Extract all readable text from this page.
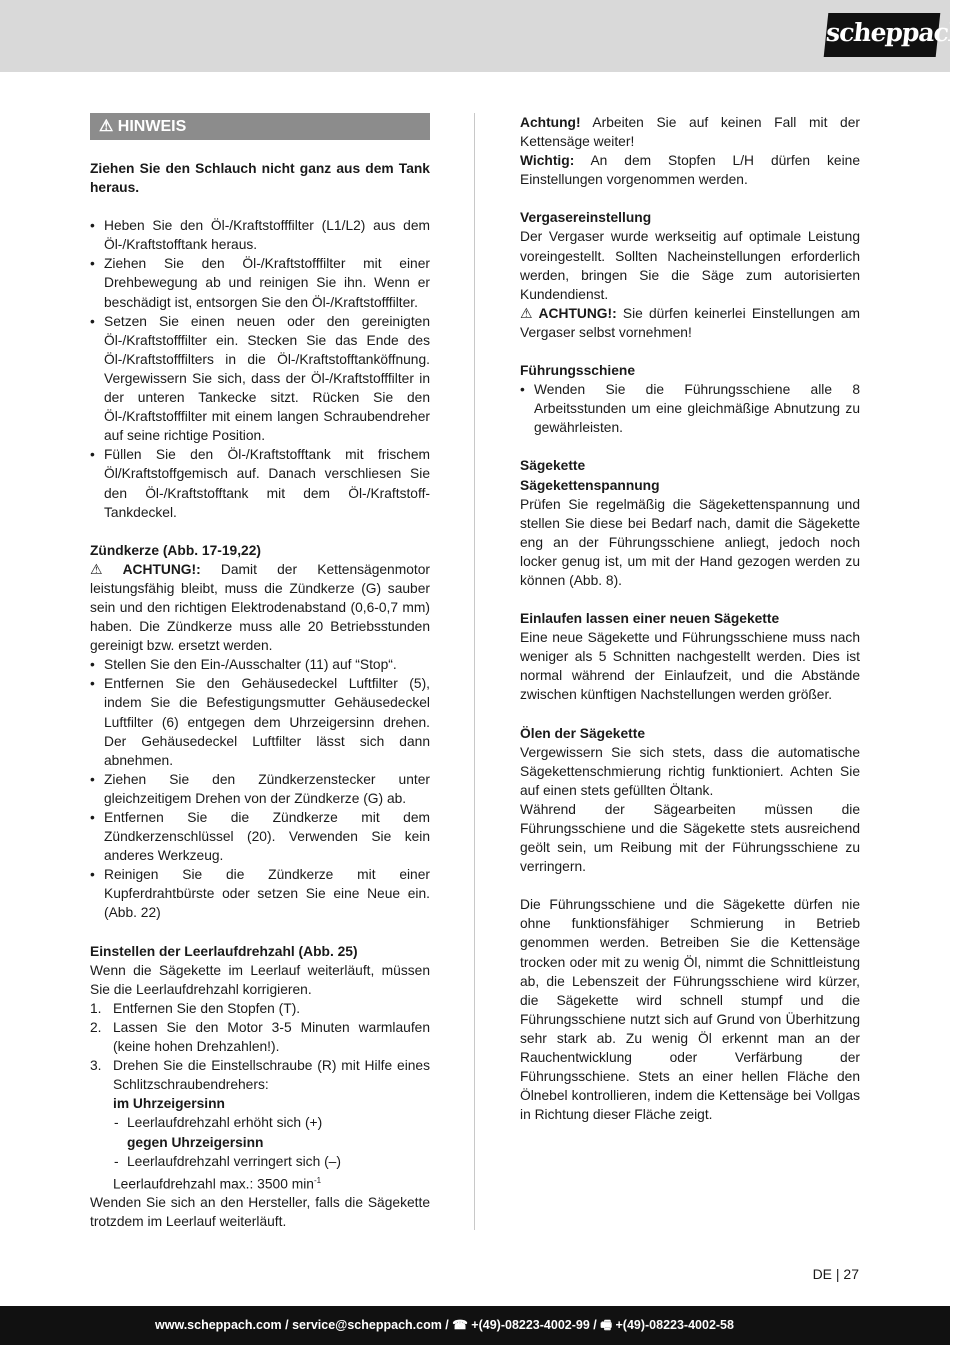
scheppach
⚠ HINWEIS

Ziehen Sie den Schlauch nicht ganz aus dem Tank heraus.

• Heben Sie den Öl-/Kraftstofffilter (L1/L2) aus dem Öl-/Kraftstofftank heraus.
• Ziehen Sie den Öl-/Kraftstofffilter mit einer Drehbewegung ab und reinigen Sie ihn. Wenn er beschädigt ist, entsorgen Sie den Öl-/Kraftstofffilter.
• Setzen Sie einen neuen oder den gereinigten Öl-/Kraftstofffilter ein. Stecken Sie das Ende des Öl-/Kraftstofffilters in die Öl-/Kraftstofftanköffnung. Vergewissern Sie sich, dass der Öl-/Kraftstofffilter in der unteren Tankecke sitzt. Rücken Sie den Öl-/Kraftstofffilter mit einem langen Schraubendreher auf seine richtige Position.
• Füllen Sie den Öl-/Kraftstofftank mit frischem Öl/Kraftstoffgemisch auf. Danach verschliesen Sie den Öl-/Kraftstofftank mit dem Öl-/Kraftstoff-Tankdeckel.

Zündkerze (Abb. 17-19,22)

⚠ ACHTUNG!: Damit der Kettensägenmotor leistungsfähig bleibt, muss die Zündkerze (G) sauber sein und den richtigen Elektrodenabstand (0,6-0,7 mm) haben. Die Zündkerze muss alle 20 Betriebsstunden gereinigt bzw. ersetzt werden.

• Stellen Sie den Ein-/Ausschalter (11) auf “Stop“.
• Entfernen Sie den Gehäusedeckel Luftfilter (5), indem Sie die Befestigungsmutter Gehäusedeckel Luftfilter (6) entgegen dem Uhrzeigersinn drehen. Der Gehäusedeckel Luftfilter lässt sich dann abnehmen.
• Ziehen Sie den Zündkerzenstecker unter gleichzeitigem Drehen von der Zündkerze (G) ab.
• Entfernen Sie die Zündkerze mit dem Zündkerzenschlüssel (20). Verwenden Sie kein anderes Werkzeug.
• Reinigen Sie die Zündkerze mit einer Kupferdrahtbürste oder setzen Sie eine Neue ein. (Abb. 22)

Einstellen der Leerlaufdrehzahl (Abb. 25)

Wenn die Sägekette im Leerlauf weiterläuft, müssen Sie die Leerlaufdrehzahl korrigieren.

1. Entfernen Sie den Stopfen (T).
2. Lassen Sie den Motor 3-5 Minuten warmlaufen (keine hohen Drehzahlen!).
3. Drehen Sie die Einstellschraube (R) mit Hilfe eines Schlitzschraubendrehers:
im Uhrzeigersinn
- Leerlaufdrehzahl erhöht sich (+)
gegen Uhrzeigersinn
- Leerlaufdrehzahl verringert sich (–)
Leerlaufdrehzahl max.: 3500 $\min^{-1}$

Wenden Sie sich an den Hersteller, falls die Sägekette trotzdem im Leerlauf weiterläuft.

Achtung! Arbeiten Sie auf keinen Fall mit der Kettensäge weiter!

Wichtig: An dem Stopfen L/H dürfen keine Einstellungen vorgenommen werden.

Vergasereinstellung

Der Vergaser wurde werkseitig auf optimale Leistung voreingestellt. Sollten Nacheinstellungen erforderlich werden, bringen Sie die Säge zum autorisierten Kundendienst.

⚠ ACHTUNG!: Sie dürfen keinerlei Einstellungen am Vergaser selbst vornehmen!

Führungsschiene

• Wenden Sie die Führungsschiene alle 8 Arbeitsstunden um eine gleichmäßige Abnutzung zu gewährleisten.

Sägekette

Sägekettenspannung

Prüfen Sie regelmäßig die Sägekettenspannung und stellen Sie diese bei Bedarf nach, damit die Sägekette eng an der Führungsschiene anliegt, jedoch noch locker genug ist, um mit der Hand gezogen werden zu können (Abb. 8).

Einlaufen lassen einer neuen Sägekette

Eine neue Sägekette und Führungsschiene muss nach weniger als 5 Schnitten nachgestellt werden. Dies ist normal während der Einlaufzeit, und die Abstände zwischen künftigen Nachstellungen werden größer.

Ölen der Sägekette

Vergewissern Sie sich stets, dass die automatische Sägekettenschmierung richtig funktioniert. Achten Sie auf einen stets gefüllten Öltank.

Während der Sägearbeiten müssen die Führungsschiene und die Sägekette stets ausreichend geölt sein, um Reibung mit der Führungsschiene zu verringern.

Die Führungsschiene und die Sägekette dürfen nie ohne funktionsfähiger Schmierung in Betrieb genommen werden. Betreiben Sie die Kettensäge trocken oder mit zu wenig Öl, nimmt die Schnittleistung ab, die Lebenszeit der Führungsschiene wird kürzer, die Sägekette wird schnell stumpf und die Führungsschiene nutzt sich auf Grund von Überhitzung sehr stark ab. Zu wenig Öl erkennt man an der Rauchentwicklung oder Verfärbung der Führungsschiene. Stets an einer hellen Fläche den Ölnebel kontrollieren, indem die Kettensäge bei Vollgas in Richtung dieser Fläche zeigt.

DE | 27
www.scheppach.com / service@scheppach.com / ☎ +(49)-08223-4002-99 / 🖷 +(49)-08223-4002-58
